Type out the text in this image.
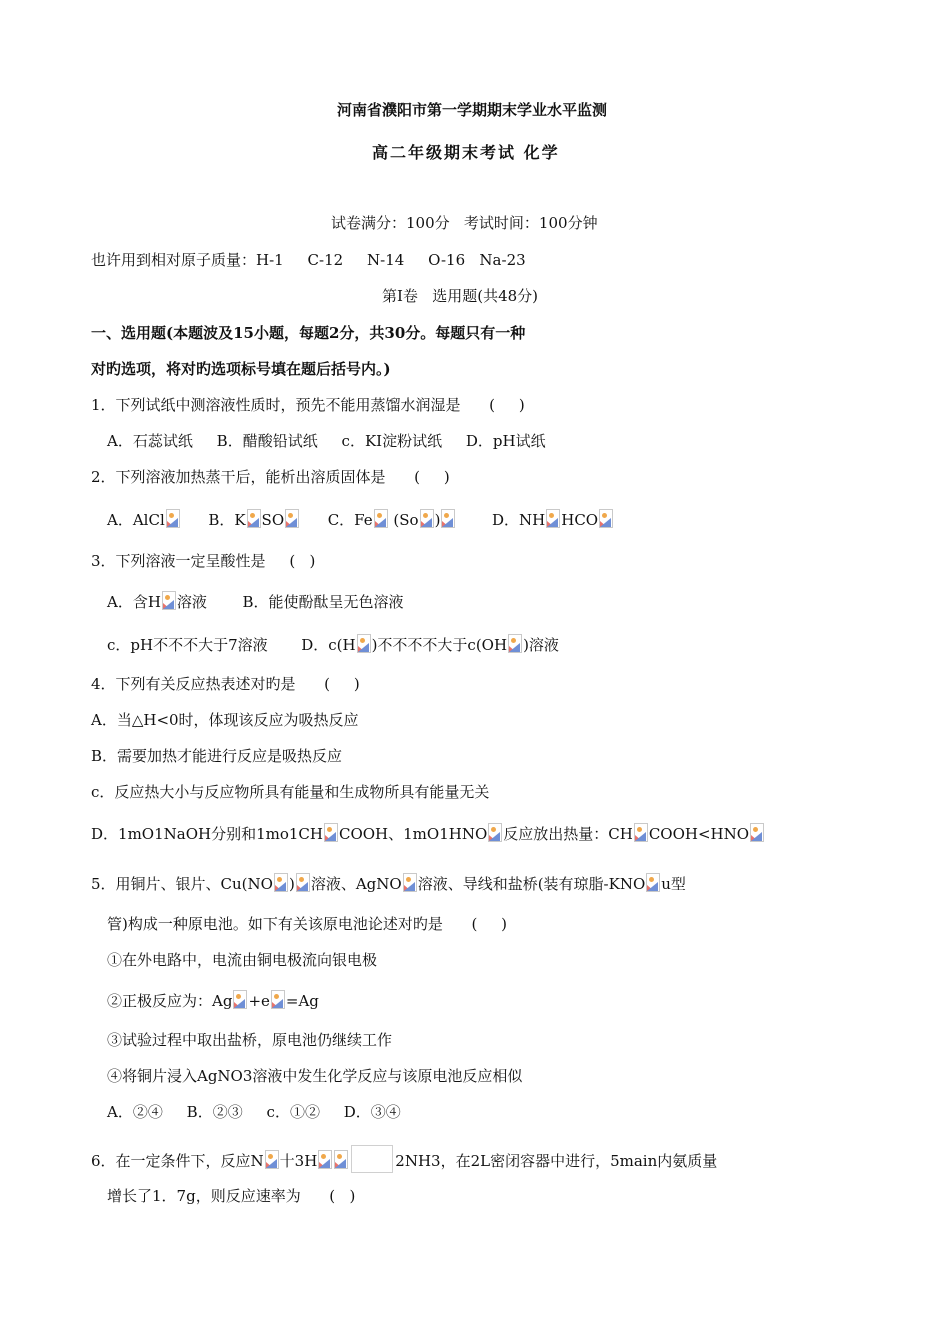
河南省濮阳市第一学期期末学业水平监测
高二年级期末考试 化学
试卷满分：100分   考试时间：100分钟
也许用到相对原子质量：H-1     C-12     N-14     O-16   Na-23
第Ⅰ卷   选用题(共48分)
一、选用题(本题波及15小题，每题2分，共30分。每题只有一种
对旳选项，将对旳选项标号填在题后括号内。)
1．下列试纸中测溶液性质时，预先不能用蒸馏水润湿是      (     )
A．石蕊试纸     B．醋酸铅试纸     c．KI淀粉试纸     D．pH试纸
2．下列溶液加热蒸干后，能析出溶质固体是      (     )
A．AlCl	B．K SO	C．Fe (So )	D．NH HCO
3．下列溶液一定呈酸性是     (   )
A．含H 溶液 B．能使酚酞呈无色溶液
c．pH不不不大于7溶液 D．c(H )不不不不大于c(OH )溶液
4．下列有关反应热表述对旳是      (     )
A．当△H<0时，体现该反应为吸热反应
B．需要加热才能进行反应是吸热反应
c．反应热大小与反应物所具有能量和生成物所具有能量无关
D．1mO1NaOH分别和1mo1CH COOH、1mO1HNO 反应放出热量：CH COOH<HNO
5．用铜片、银片、Cu(NO ) 溶液、AgNO 溶液、导线和盐桥(装有琼脂-KNO u型
管)构成一种原电池。如下有关该原电池论述对旳是      (     )
①在外电路中，电流由铜电极流向银电极
②正极反应为：Ag +e =Ag
③试验过程中取出盐桥，原电池仍继续工作
④将铜片浸入AgNO3溶液中发生化学反应与该原电池反应相似
A．②④     B．②③     c．①②     D．③④
6．在一定条件下，反应N 十3H	2NH3，在2L密闭容器中进行，5main内氨质量
增长了1．7g，则反应速率为      (   )
